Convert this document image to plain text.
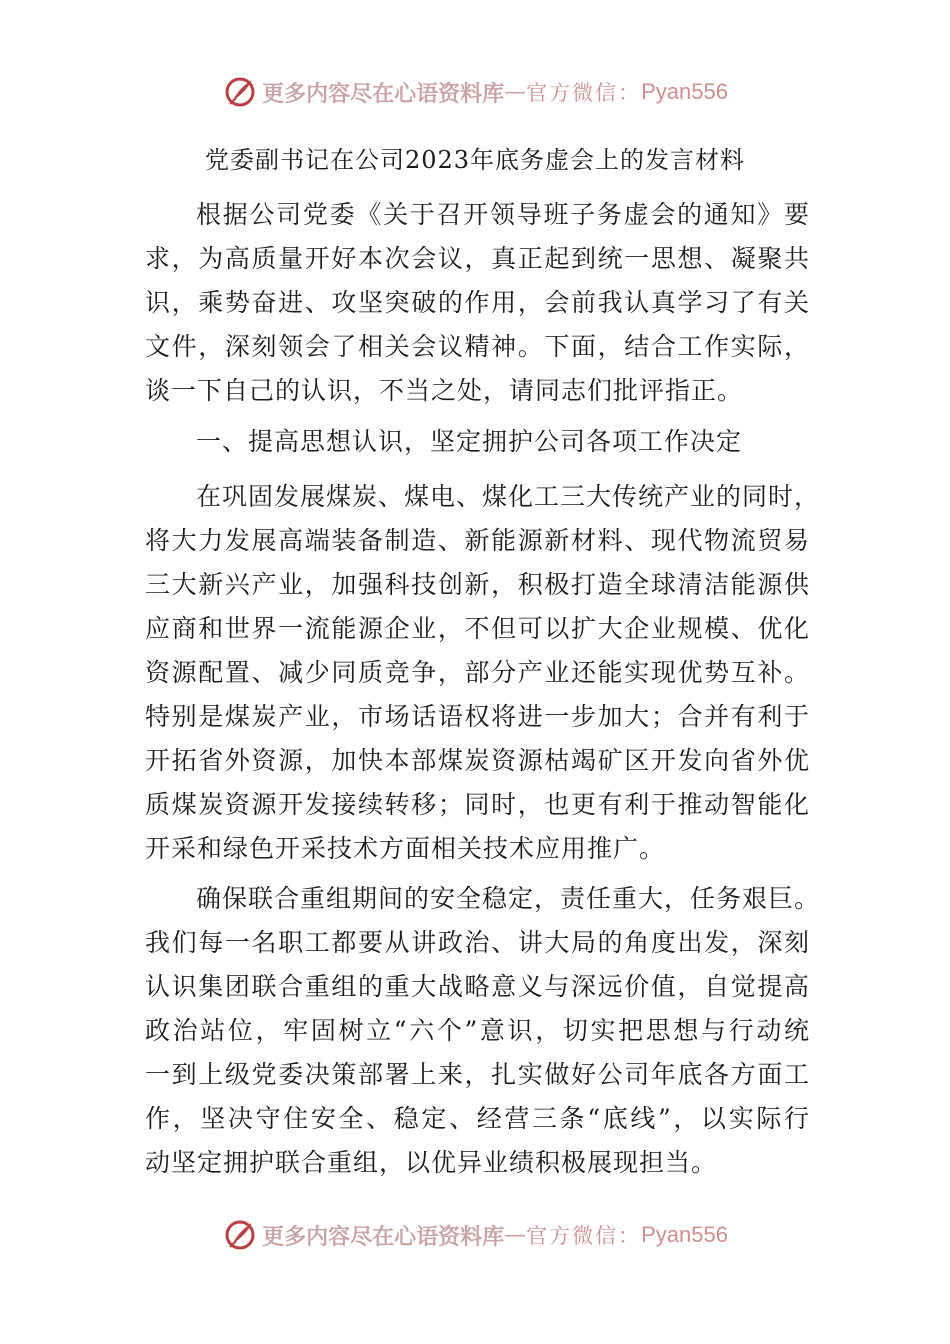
更多内容尽在心语资料库 — 官方微信： Pyan556
党委副书记在公司2023年底务虚会上的发言材料
根据公司党委《关于召开领导班子务虚会的通知》要
求，为高质量开好本次会议，真正起到统一思想、凝聚共
识，乘势奋进、攻坚突破的作用，会前我认真学习了有关
文件，深刻领会了相关会议精神。下面，结合工作实际，
谈一下自己的认识，不当之处，请同志们批评指正。
一、提高思想认识，坚定拥护公司各项工作决定
在巩固发展煤炭、煤电、煤化工三大传统产业的同时，
将大力发展高端装备制造、新能源新材料、现代物流贸易
三大新兴产业，加强科技创新，积极打造全球清洁能源供
应商和世界一流能源企业，不但可以扩大企业规模、优化
资源配置、减少同质竞争，部分产业还能实现优势互补。
特别是煤炭产业，市场话语权将进一步加大；合并有利于
开拓省外资源，加快本部煤炭资源枯竭矿区开发向省外优
质煤炭资源开发接续转移；同时，也更有利于推动智能化
开采和绿色开采技术方面相关技术应用推广。
确保联合重组期间的安全稳定，责任重大，任务艰巨。
我们每一名职工都要从讲政治、讲大局的角度出发，深刻
认识集团联合重组的重大战略意义与深远价值，自觉提高
政治站位，牢固树立“六个”意识，切实把思想与行动统
一到上级党委决策部署上来，扎实做好公司年底各方面工
作，坚决守住安全、稳定、经营三条“底线”，以实际行
动坚定拥护联合重组，以优异业绩积极展现担当。
更多内容尽在心语资料库 — 官方微信： Pyan556
